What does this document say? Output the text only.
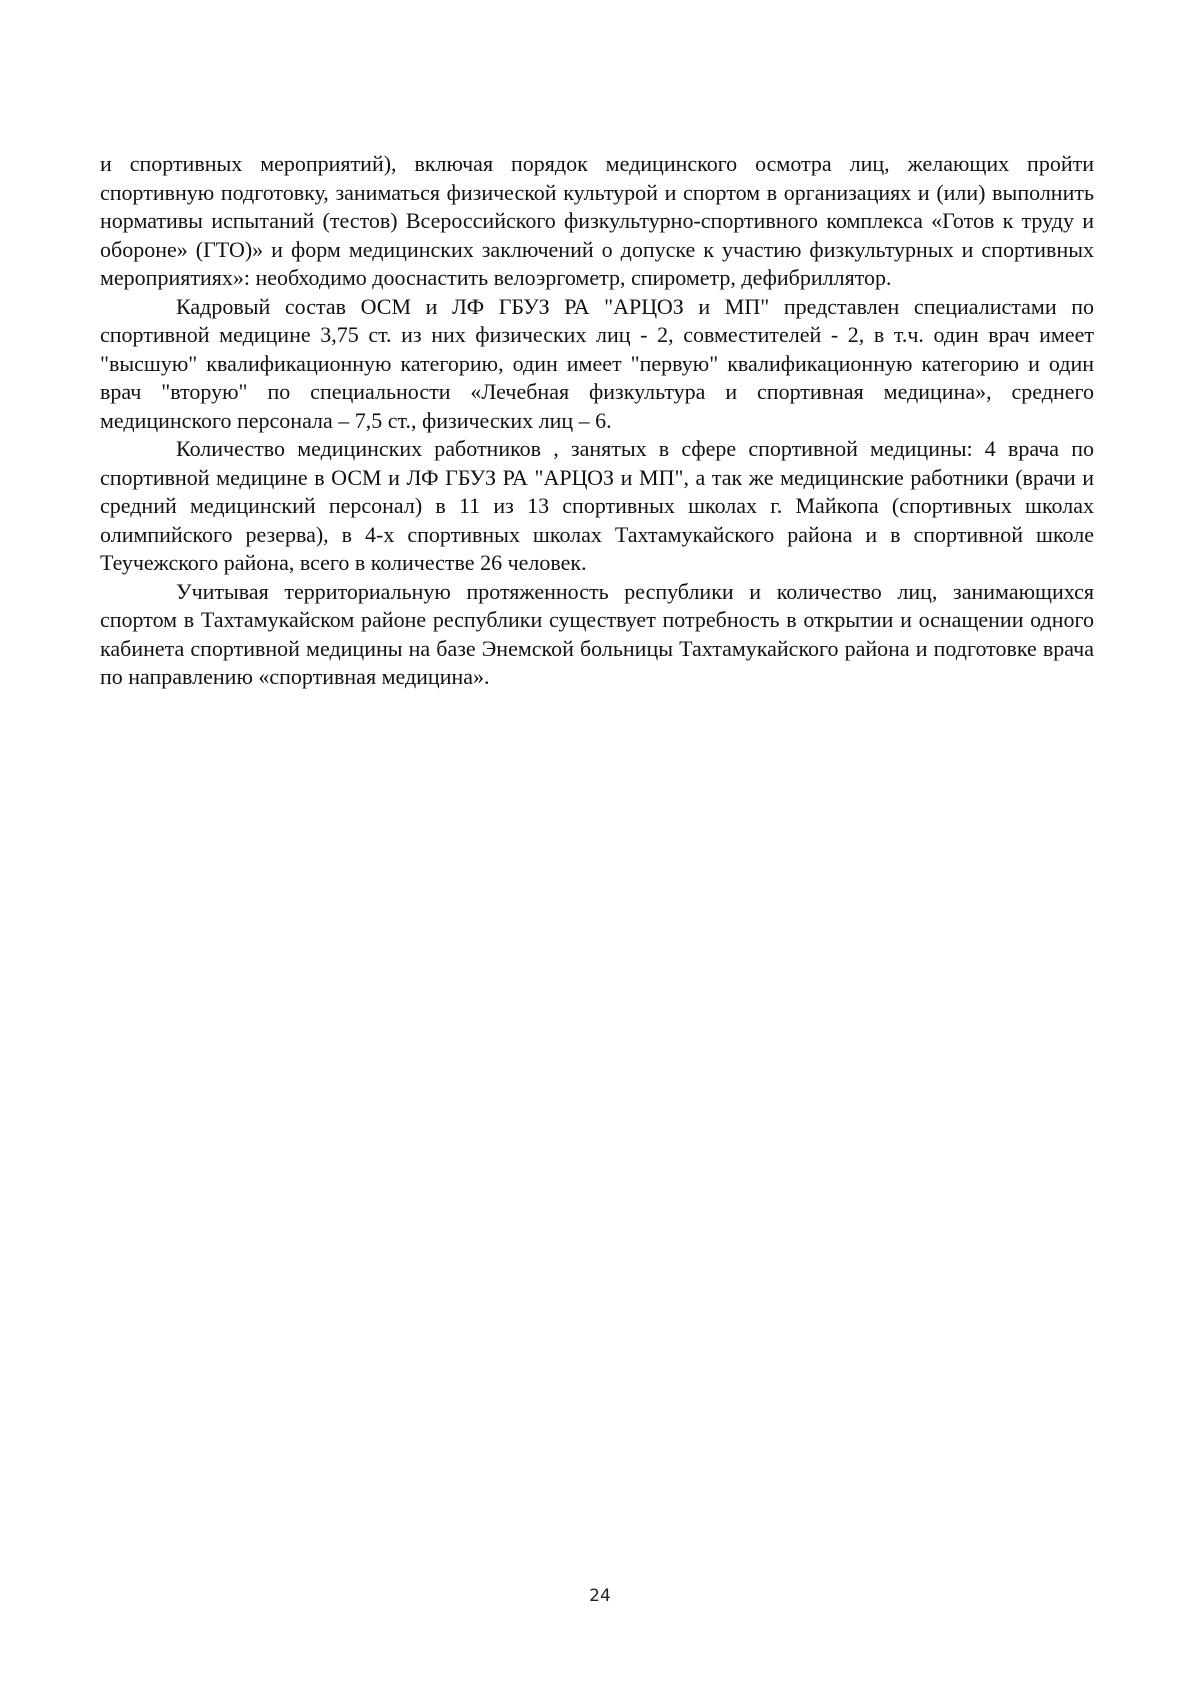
и спортивных мероприятий), включая порядок медицинского осмотра лиц, желающих пройти спортивную подготовку, заниматься физической культурой и спортом в организациях и (или) выполнить нормативы испытаний (тестов) Всероссийского физкультурно-спортивного комплекса «Готов к труду и обороне» (ГТО)» и форм медицинских заключений о допуске к участию физкультурных и спортивных мероприятиях»: необходимо дооснастить велоэргометр, спирометр, дефибриллятор.

Кадровый состав ОСМ и ЛФ ГБУЗ РА "АРЦОЗ и МП" представлен специалистами по спортивной медицине 3,75 ст. из них физических лиц - 2, совместителей - 2, в т.ч. один врач имеет "высшую" квалификационную категорию, один имеет "первую" квалификационную категорию и один врач "вторую" по специальности «Лечебная физкультура и спортивная медицина», среднего медицинского персонала – 7,5 ст., физических лиц – 6.

Количество медицинских работников , занятых в сфере спортивной медицины: 4 врача по спортивной медицине в ОСМ и ЛФ ГБУЗ РА "АРЦОЗ и МП", а так же медицинские работники (врачи и средний медицинский персонал) в 11 из 13 спортивных школах г. Майкопа (спортивных школах олимпийского резерва), в 4-х спортивных школах Тахтамукайского района и в спортивной школе Теучежского района, всего в количестве 26 человек.

Учитывая территориальную протяженность республики и количество лиц, занимающихся спортом в Тахтамукайском районе республики существует потребность в открытии и оснащении одного кабинета спортивной медицины на базе Энемской больницы Тахтамукайского района и подготовке врача по направлению «спортивная медицина».

24
